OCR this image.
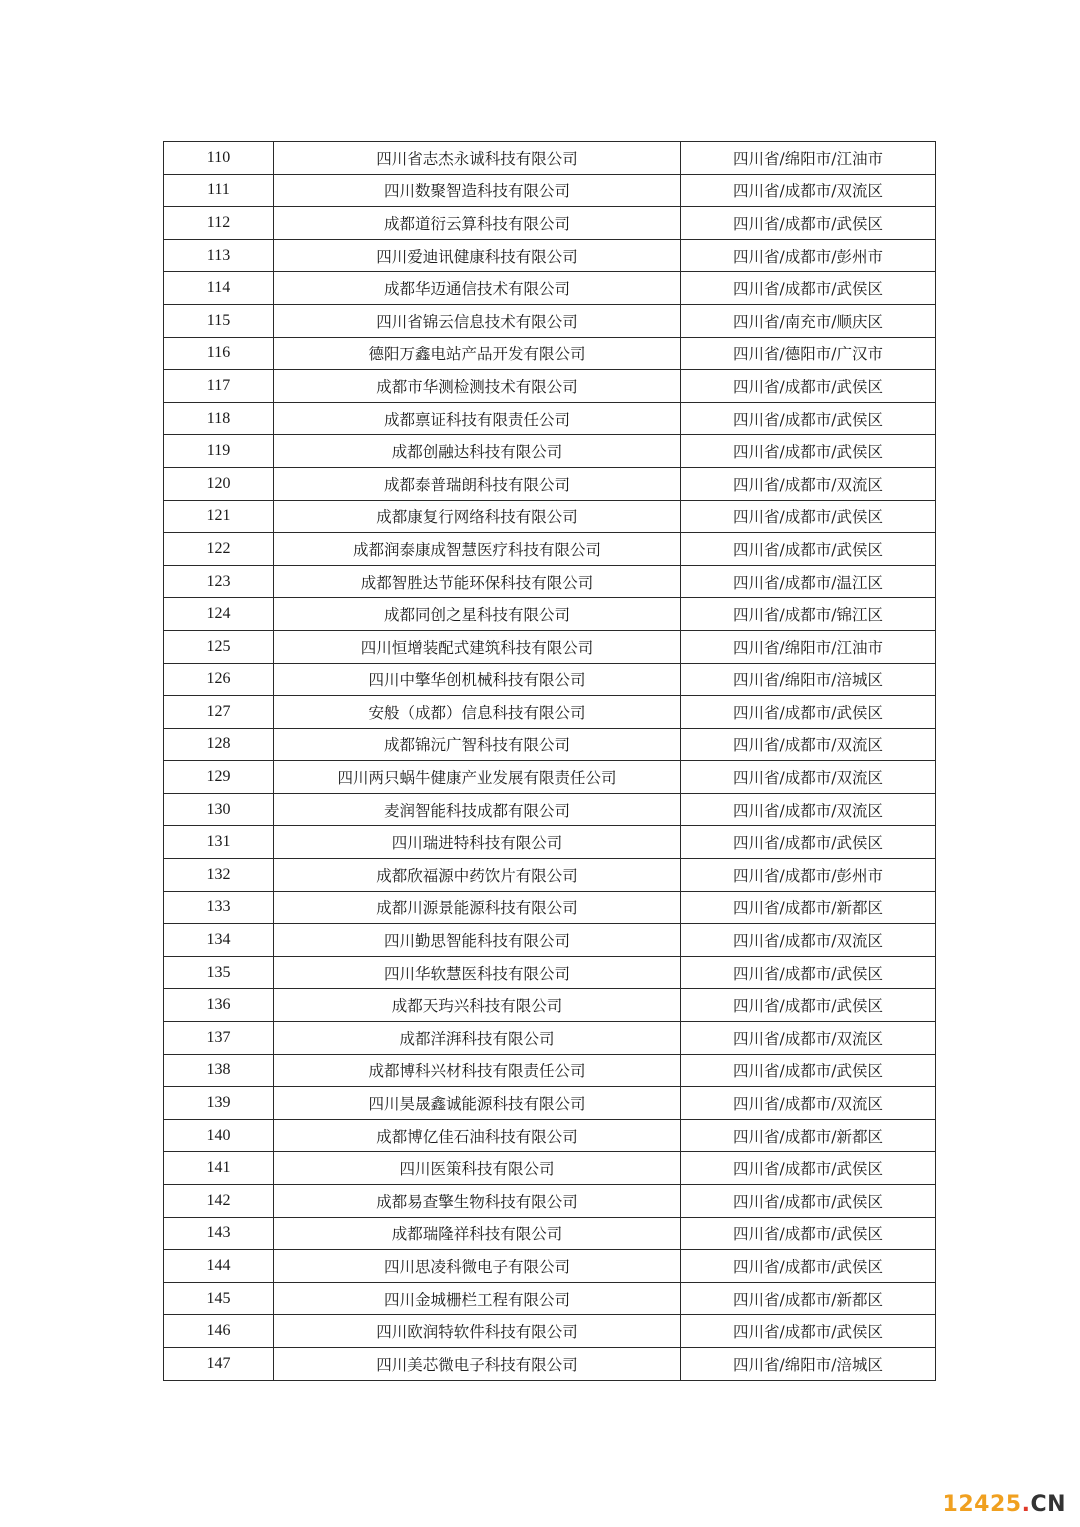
110	四川省志杰永诚科技有限公司	四川省/绵阳市/江油市
111	四川数聚智造科技有限公司	四川省/成都市/双流区
112	成都道衍云算科技有限公司	四川省/成都市/武侯区
113	四川爱迪讯健康科技有限公司	四川省/成都市/彭州市
114	成都华迈通信技术有限公司	四川省/成都市/武侯区
115	四川省锦云信息技术有限公司	四川省/南充市/顺庆区
116	德阳万鑫电站产品开发有限公司	四川省/德阳市/广汉市
117	成都市华测检测技术有限公司	四川省/成都市/武侯区
118	成都禀证科技有限责任公司	四川省/成都市/武侯区
119	成都创融达科技有限公司	四川省/成都市/武侯区
120	成都泰普瑞朗科技有限公司	四川省/成都市/双流区
121	成都康复行网络科技有限公司	四川省/成都市/武侯区
122	成都润泰康成智慧医疗科技有限公司	四川省/成都市/武侯区
123	成都智胜达节能环保科技有限公司	四川省/成都市/温江区
124	成都同创之星科技有限公司	四川省/成都市/锦江区
125	四川恒增装配式建筑科技有限公司	四川省/绵阳市/江油市
126	四川中擎华创机械科技有限公司	四川省/绵阳市/涪城区
127	安般（成都）信息科技有限公司	四川省/成都市/武侯区
128	成都锦沅广智科技有限公司	四川省/成都市/双流区
129	四川两只蜗牛健康产业发展有限责任公司	四川省/成都市/双流区
130	麦润智能科技成都有限公司	四川省/成都市/双流区
131	四川瑞进特科技有限公司	四川省/成都市/武侯区
132	成都欣福源中药饮片有限公司	四川省/成都市/彭州市
133	成都川源景能源科技有限公司	四川省/成都市/新都区
134	四川勤思智能科技有限公司	四川省/成都市/双流区
135	四川华软慧医科技有限公司	四川省/成都市/武侯区
136	成都天玙兴科技有限公司	四川省/成都市/武侯区
137	成都洋湃科技有限公司	四川省/成都市/双流区
138	成都博科兴材科技有限责任公司	四川省/成都市/武侯区
139	四川昊晟鑫诚能源科技有限公司	四川省/成都市/双流区
140	成都博亿佳石油科技有限公司	四川省/成都市/新都区
141	四川医策科技有限公司	四川省/成都市/武侯区
142	成都易查擎生物科技有限公司	四川省/成都市/武侯区
143	成都瑞隆祥科技有限公司	四川省/成都市/武侯区
144	四川思凌科微电子有限公司	四川省/成都市/武侯区
145	四川金城栅栏工程有限公司	四川省/成都市/新都区
146	四川欧润特软件科技有限公司	四川省/成都市/武侯区
147	四川美芯微电子科技有限公司	四川省/绵阳市/涪城区
12425.CN
